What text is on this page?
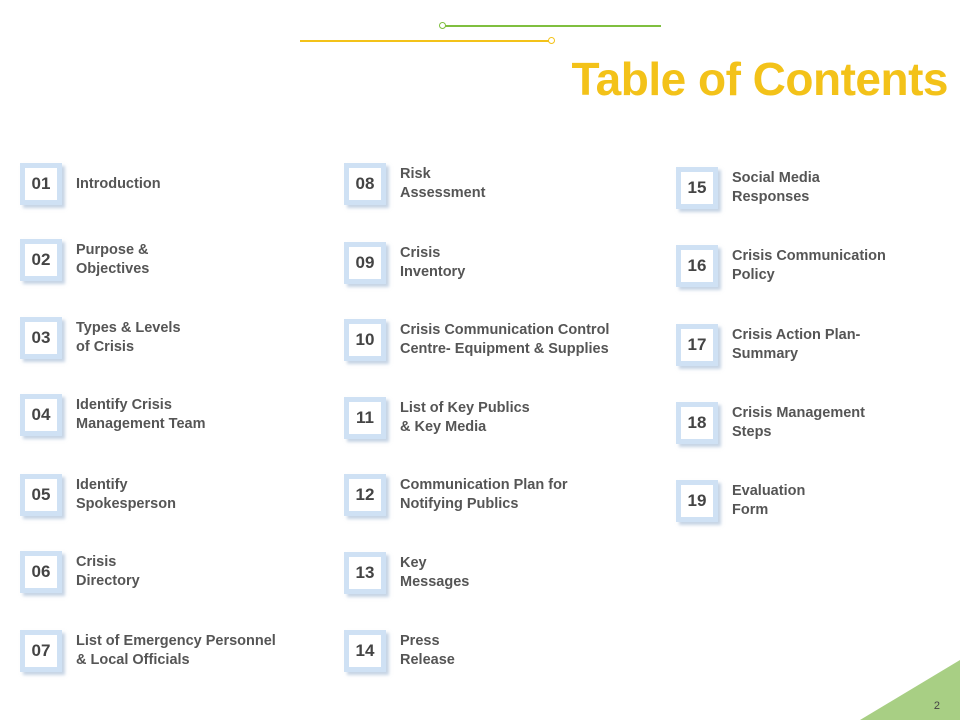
Table of Contents
01	Introduction
02	Purpose &
Objectives
03	Types & Levels
of Crisis
04	Identify Crisis
Management Team
05	Identify
Spokesperson
06	Crisis
Directory
07	List of Emergency Personnel
& Local Officials
08	Risk
Assessment
09	Crisis
Inventory
10	Crisis Communication Control
Centre- Equipment & Supplies
11	List of Key Publics
& Key Media
12	Communication Plan for
Notifying Publics
13	Key
Messages
14	Press
Release
15	Social Media
Responses
16	Crisis Communication
Policy
17	Crisis Action Plan-
Summary
18	Crisis Management
Steps
19	Evaluation
Form
2
